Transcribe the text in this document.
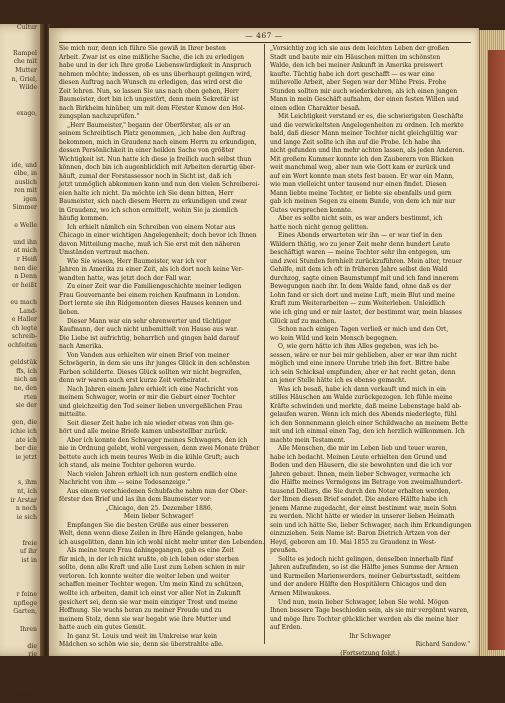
Cultur

Rampel
che mit
Mutter
n, Griel,
Wilde

exago,

ide, und
elbe, in
auslich
ren mit
igen
Simmer

e Welle

und ihn
at mich
r Heiß
nen die
n Denn
er heißt

eu mach
Land-
e Haller
ch legte
schreib-
ochfeiten

geldstük
ffs, ich
nich an
ne, den
rten
sie der

gen, die
ichie ich
ate ich
ber die
ie jetzt

s, ihm
nt, ich
ir Arstar
n noch
ie sich

freie
uf ihr
ist in

r feine
npflege
Garten,

Ihren

die
rie

sehen,
ulbigen

— 467 —

Sie mich nur, denn ich führe Sie gewiß in Ihrer besten

Arbeit. Zwar ist es eine mißliche Sache, die ich zu erledigen

habe und in der ich Ihre große Liebenswürdigkeit in Anspruch

nehmen möchte; indessen, ob es uns überhaupt gelingen wird,

diesen Auftrag nach Wunsch zu erledigen, das wird erst die

Zeit lehren. Nun, so lassen Sie uns nach oben gehen, Herr

Baumeister, dort bin ich ungestört, denn mein Sekretär ist

nach Birkheim hinüber, um mit dem Förster Kunow den Hol-

zungsplan nachzuprüfen."

„Herr Baumeister," begann der Oberförster, als er an

seinem Schreibtisch Platz genommen, „ich habe den Auftrag

bekommen, mich in Graudenz nach einem Herrn zu erkundigen,

dessen Persönlichkeit in einer heiklen Sache von größter

Wichtigkeit ist. Nun hatte ich diese ja freilich auch selbst thun

können, doch bin ich augenblicklich mit Arbeiten derartig über-

häuft, zumal der Forstassessor noch in Sicht ist, daß ich

jetzt unmöglich abkommen kann und nun den vielen Schreiberei-

eien halte ich nicht. Da möchte ich Sie denn bitten, Herr

Baumeister, sich nach diesem Herrn zu erkundigen und zwar

in Graudenz, wo ich schon ermittelt, wohin Sie ja ziemlich

häufig kommen.

Ich erhielt nämlich ein Schreiben von einem Notar aus

Chicago in einer wichtigen Angelegenheit; doch bevor ich Ihnen

davon Mitteilung mache, muß ich Sie erst mit den näheren

Umständen vertraut machen.

Wie Sie wissen, Herr Baumeister, war ich vor

Jahren in Amerika zu einer Zeit, als ich dort noch keine Ver-

wandten hatte, was jetzt doch der Fall war.

Zu einer Zeit war die Familiengeschichte meiner ledigen

Frau Gouvernante bei einem reichen Kaufmann in London.

Dort lernte sie ihn Ridgemonten dieses Hauses kennen und

lieben.

Dieser Mann war ein sehr ehrenwerter und tüchtiger

Kaufmann, der auch nicht unbemittelt von Hause aus war.

Die Liebe ist aufrichtig, beharrlich und gingen bald darauf

nach Amerika.

Von Vanden aus erhielten wir einen Brief von meiner

Schwägerin, in dem sie uns ihr junges Glück in den schönsten

Farben schilderte. Dieses Glück sollten wir nicht begreifen,

denn wir waren auch erst kurze Zeit verheiratet.

Nach Jahren einem Jahre erhielt ich eine Nachricht von

meinem Schwager, worin er mir die Geburt einer Tochter

und gleichzeitig den Tod seiner lieben unvergeßlichen Frau

mitteilte.

Seit dieser Zeit habe ich nie wieder etwas von ihm ge-

hört und alle meine Briefe kamen unbestellbar zurück.

Aber ich konnte den Schwager meines Schwagers, den ich

nie in Ordnung gelebt, wohl vergessen, denn zwei Monate früher

bettete auch ich mein teures Weib in die kühle Gruft; auch

ich stand, als meine Tochter geboren wurde.

Nach vielen Jahren erhielt ich nun gestern endlich eine

Nachricht von ihm — seine Todesanzeige."

Aus einem verschiedenen Schubfache nahm nun der Ober-

förster den Brief und las ihn dem Baumeister vor:

„Chicago, den 25. Dezember 1886.

Mein lieber Schwager!

Empfangen Sie die besten Grüße aus einer besseren

Welt, denn wenn diese Zeilen in Ihre Hände gelangen, habe

ich ausgelitten, dann bin ich wohl nicht mehr unter den Lebenden.

Als meine teure Frau dahingegangen, gab es eine Zeit

für mich, in der ich nicht wußte, ob ich leben oder sterben

sollte, denn alle Kraft und alle Lust zum Leben schien in mir

verloren. Ich konnte weiter die weiter leben und weiter

schaffen meiner Tochter wegen. Um mein Kind zu schützen,

wollte ich arbeiten, damit ich einst vor aller Not in Zukunft

gesichert sei, denn sie war mein einziger Trost und meine

Hoffnung. Sie wuchs heran zu meiner Freude und zu

meinem Stolz, denn sie war begabt wie ihre Mutter und

hatte auch ein gutes Gemüt.

In ganz St. Louis und weit im Umkreise war kein

Mädchen so schön wie sie, denn sie überstrahlte alle.

„Vorsichtig zog ich sie aus dem leichten Leben der großen

Stadt und baute mir ein Häuschen mitten im schönsten

Walde, den ich bei meiner Ankunft in Amerika preiswert

kaufte. Tüchtig habe ich dort geschafft — es war eine

mühevolle Arbeit, aber Segen war der Mühe Preis. Frohe

Stunden sollten mir auch wiederkehren, als ich einen jungen

Mann in mein Geschäft aufnahm, der einen festen Willen und

einen edlen Charakter besaß.

Mit Leichtigkeit verstand er es, die schwierigsten Geschäfte

und die verwickeltsten Angelegenheiten zu ordnen. Ich merkte

bald, daß dieser Mann meiner Tochter nicht gleichgültig war

und lange Zeit sollte ich ihn auf die Probe. Ich habe ihn

nicht gefunden und ihn mehr achten lassen, als jeden Anderen.

Mit großem Kummer konnte ich den Zauberern von Blicken

weit manchmal weg, aber nun wie Gott kam er zurück und

auf ein Wort konnte man stets fest bauen. Er war ein Mann,

wie man vielleicht unter tausend nur einen findet. Diesen

Mann liebte meine Tochter, er liebte sie ebenfalls und gern

gab ich meinen Segen zu einem Bunde, von dem ich mir nur

Gutes versprechen konnte.

Aber es sollte nicht sein, es war anders bestimmt, ich

hatte noch nicht genug gelitten.

Eines Abends erwarteten wir ihn — er war tief in den

Wäldern thätig, wo zu jener Zeit mehr denn hundert Leute

beschäftigt waren — meine Tochter sehr ihn entgegen, um

und zwei Stunden fernhielt zurückzuführen. Mein alter, treuer

Gehilfe, mit dem ich oft in früheren Jahre selbst den Wald

durchzog, sagte einen Baumstumpf mit und ich fand innerem

Bewegungen nach ihr. In dem Walde fand, ohne daß es der

Lohn fand er sich dort und meine Luft, mein Blut und meine

Kraft zum Weiterarbeiten — zum Weiterleben. Unleidlich

wie ich ging und er mir lastet, der bestimmt war, mein blasses

Glück auf zu machen.

Schon nach einigen Tagen verließ er mich und den Ort,

wo kein Wild und kein Mensch begegnen.

O, wie gern hätte ich ihm Alles gegeben, was ich be-

sessen, wäre er nur bei mir geblieben, aber er war ihm nicht

möglich und eine innere Unruhe trieb ihn fort. Bittre habe

ich sein Schicksal empfunden, aber er hat recht getan, denn

an jener Stelle hätte ich es ebenso gemacht.

Was ich besaß, habe ich dann verkauft und mich in ein

stilles Häuschen am Walde zurückgezogen. Ich fühle meine

Kräfte schwinden und merkte, daß meine Lebenstage bald ab-

gelaufen waren. Wenn ich mich des Abends niederlegte, fühl

ich den Sonnenmann gleich einer Schildwache an meinem Bette

mit und ich einmal einen Tag, den ich herzlich willkommen. Ich

machte mein Testament.

Alle Menschen, die mir im Leben lieb und teuer waren,

habe ich bedacht. Meinen Leute erhielten den Grund und

Boden und den Häusern, die sie bewohnten und die ich vor

Jahren gebaut. Ihnen, mein lieber Schwager, vermache ich

die Hälfte meines Vermögens im Betrage von zweimalhundert-

tausend Dollars, die Sie durch den Notar erhalten werden,

der Ihnen diesen Brief sendet. Die andere Hälfte habe ich

jenem Manne zugedacht, der einst bestimmt war, mein Sohn

zu werden. Nicht hätte er wieder in unserer lieben Heimath

sein und ich hätte Sie, lieber Schwager, nach ihm Erkundigungen

einzuziehen. Sein Name ist: Baron Dietrich Artzen von der

Heyd, geboren am 10. Mai 1855 zu Graudenz in West-

preußen.

Sollte es jedoch nicht gelingen, denselben innerhalb fünf

Jahren aufzufinden, so ist die Hälfte jenes Summe der Armen

und Kurmeilen Marienwerders, meiner Geburtsstadt, seitdem

und der andere Hälfte den Hospitälern Chicagos und den

Armen Milwaukees.

Und nun, mein lieber Schwager, leben Sie wohl. Mögen

Ihnen bessere Tage beschieden sein, als sie mir vergönnt waren,

und möge Ihre Tochter glücklicher werden als die meine hier

auf Erden.

Ihr Schwager

Richard Sandow."

(Fortsetzung folgt.)
